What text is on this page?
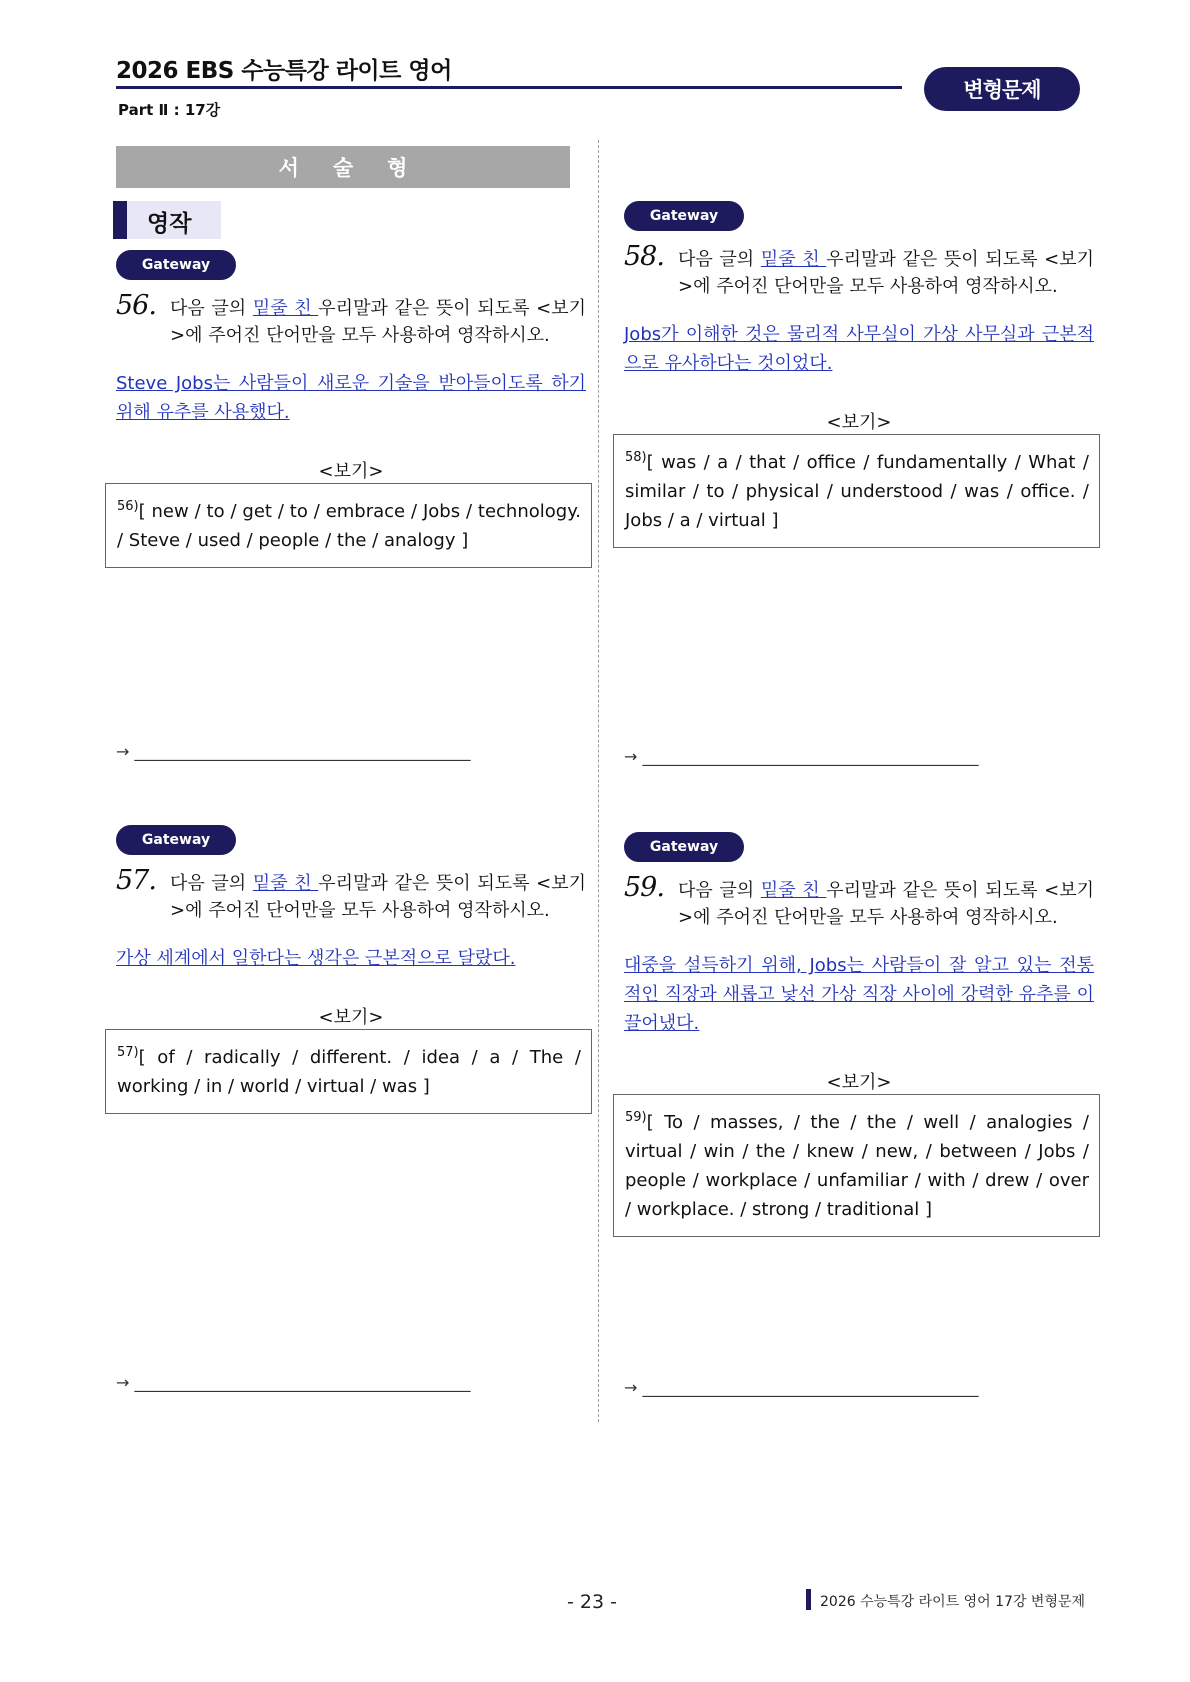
2026 EBS 수능특강 라이트 영어
Part Ⅱ : 17강
변형문제
서술형
영작
Gateway
56. 다음 글의 밑줄 친 우리말과 같은 뜻이 되도록 <보기>에 주어진 단어만을 모두 사용하여 영작하시오.
Steve Jobs는 사람들이 새로운 기술을 받아들이도록 하기 위해 유추를 사용했다.
<보기>
$^{56)}$[ new / to / get / to / embrace / Jobs / technology. / Steve / used / people / the / analogy ]
→ __________________________________________
Gateway
57. 다음 글의 밑줄 친 우리말과 같은 뜻이 되도록 <보기>에 주어진 단어만을 모두 사용하여 영작하시오.
가상 세계에서 일한다는 생각은 근본적으로 달랐다.
<보기>
$^{57)}$[ of / radically / different. / idea / a / The / working / in / world / virtual / was ]
→ __________________________________________
Gateway
58. 다음 글의 밑줄 친 우리말과 같은 뜻이 되도록 <보기>에 주어진 단어만을 모두 사용하여 영작하시오.
Jobs가 이해한 것은 물리적 사무실이 가상 사무실과 근본적으로 유사하다는 것이었다.
<보기>
$^{58)}$[ was / a / that / office / fundamentally / What / similar / to / physical / understood / was / office. / Jobs / a / virtual ]
→ __________________________________________
Gateway
59. 다음 글의 밑줄 친 우리말과 같은 뜻이 되도록 <보기>에 주어진 단어만을 모두 사용하여 영작하시오.
대중을 설득하기 위해, Jobs는 사람들이 잘 알고 있는 전통적인 직장과 새롭고 낯선 가상 직장 사이에 강력한 유추를 이끌어냈다.
<보기>
$^{59)}$[ To / masses, / the / the / well / analogies / virtual / win / the / knew / new, / between / Jobs / people / workplace / unfamiliar / with / drew / over / workplace. / strong / traditional ]
→ __________________________________________
- 23 -	2026 수능특강 라이트 영어 17강 변형문제
